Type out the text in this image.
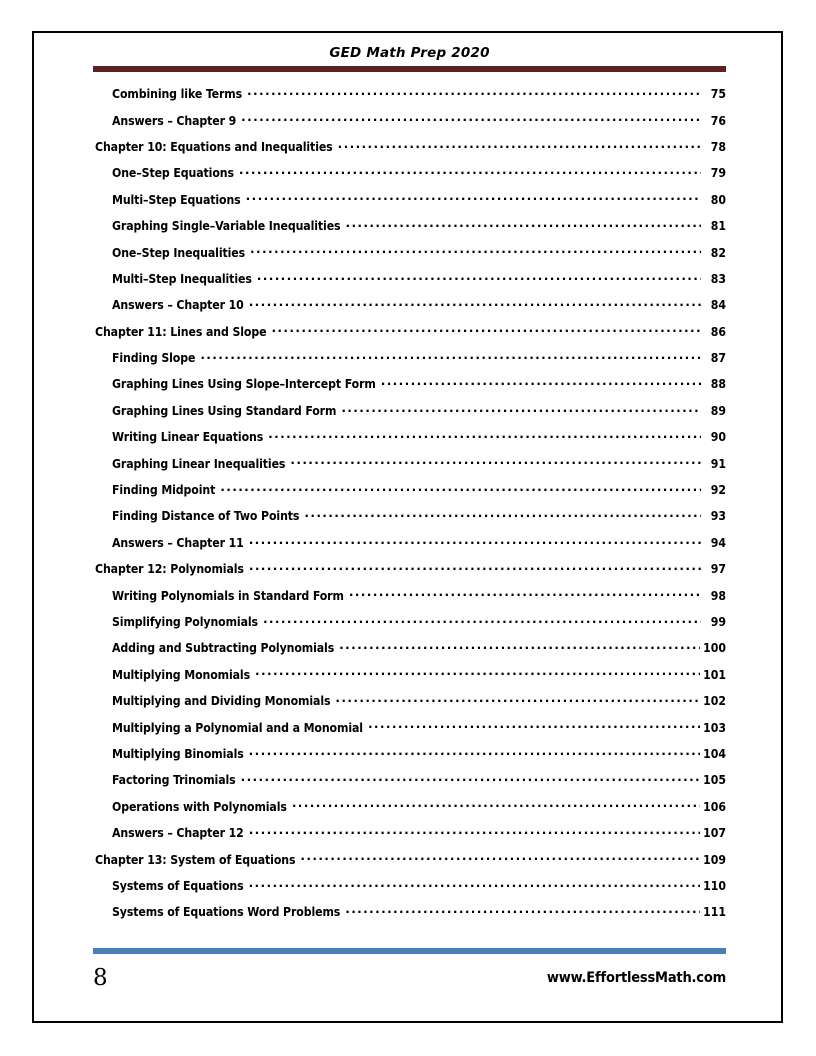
GED Math Prep 2020
Combining like Terms .....	75
Answers – Chapter 9 .....	76
Chapter 10: Equations and Inequalities .....	78
One–Step Equations .....	79
Multi–Step Equations .....	80
Graphing Single–Variable Inequalities .....	81
One–Step Inequalities .....	82
Multi–Step Inequalities .....	83
Answers – Chapter 10 .....	84
Chapter 11: Lines and Slope .....	86
Finding Slope .....	87
Graphing Lines Using Slope–Intercept Form .....	88
Graphing Lines Using Standard Form .....	89
Writing Linear Equations .....	90
Graphing Linear Inequalities .....	91
Finding Midpoint .....	92
Finding Distance of Two Points .....	93
Answers – Chapter 11 .....	94
Chapter 12: Polynomials .....	97
Writing Polynomials in Standard Form .....	98
Simplifying Polynomials .....	99
Adding and Subtracting Polynomials .....	100
Multiplying Monomials .....	101
Multiplying and Dividing Monomials .....	102
Multiplying a Polynomial and a Monomial .....	103
Multiplying Binomials .....	104
Factoring Trinomials .....	105
Operations with Polynomials .....	106
Answers – Chapter 12 .....	107
Chapter 13: System of Equations .....	109
Systems of Equations .....	110
Systems of Equations Word Problems .....	111
8	www.EffortlessMath.com
